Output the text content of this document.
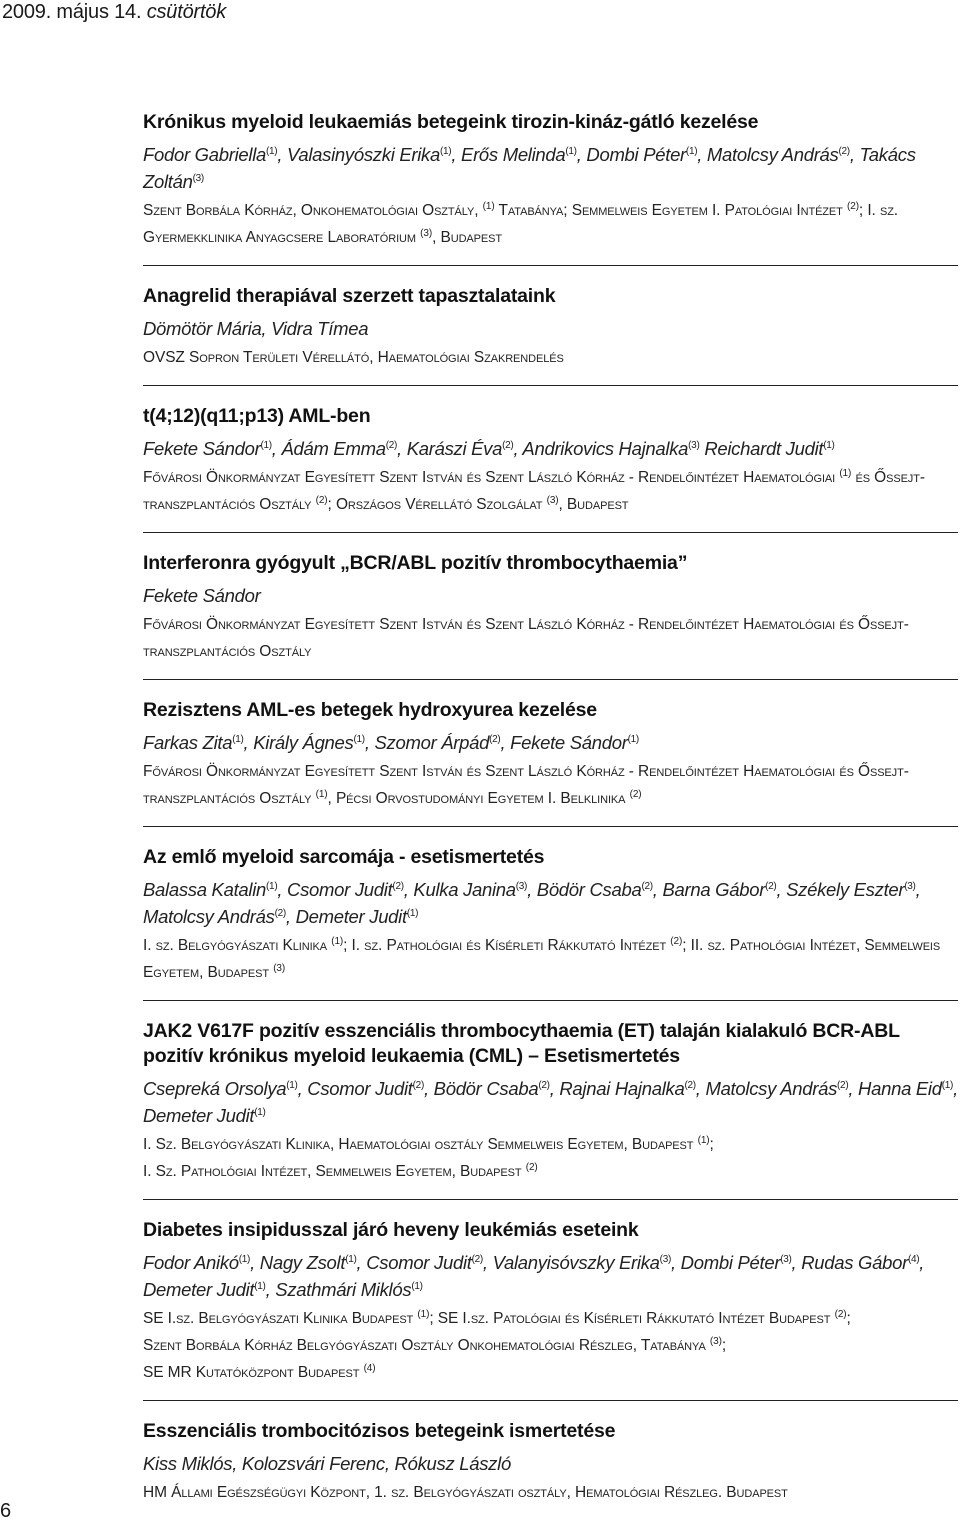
2009. május 14. csütörtök
Krónikus myeloid leukaemiás betegeink tirozin-kináz-gátló kezelése
Fodor Gabriella$^{(1)}$, Valasinyószki Erika$^{(1)}$, Erős Melinda$^{(1)}$, Dombi Péter$^{(1)}$, Matolcsy András$^{(2)}$, Takács Zoltán$^{(3)}$
Szent Borbála Kórház, Onkohematológiai Osztály, $^{(1)}$ Tatabánya; Semmelweis Egyetem I. Patológiai Intézet $^{(2)}$; I. sz. Gyermekklinika Anyagcsere Laboratórium $^{(3)}$, Budapest
Anagrelid therapiával szerzett tapasztalataink
Dömötör Mária, Vidra Tímea
OVSZ Sopron Területi Vérellátó, Haematológiai Szakrendelés
t(4;12)(q11;p13) AML-ben
Fekete Sándor$^{(1)}$, Ádám Emma$^{(2)}$, Karászi Éva$^{(2)}$, Andrikovics Hajnalka$^{(3)}$ Reichardt Judit$^{(1)}$
Fővárosi Önkormányzat Egyesített Szent István és Szent László Kórház - Rendelőintézet Haematológiai $^{(1)}$ és Őssejt-transzplantációs Osztály $^{(2)}$; Országos Vérellátó Szolgálat $^{(3)}$, Budapest
Interferonra gyógyult „BCR/ABL pozitív thrombocythaemia”
Fekete Sándor
Fővárosi Önkormányzat Egyesített Szent István és Szent László Kórház - Rendelőintézet Haematológiai és Őssejt-transzplantációs Osztály
Rezisztens AML-es betegek hydroxyurea kezelése
Farkas Zita$^{(1)}$, Király Ágnes$^{(1)}$, Szomor Árpád$^{(2)}$, Fekete Sándor$^{(1)}$
Fővárosi Önkormányzat Egyesített Szent István és Szent László Kórház - Rendelőintézet Haematológiai és Őssejt-transzplantációs Osztály $^{(1)}$, Pécsi Orvostudományi Egyetem I. Belklinika $^{(2)}$
Az emlő myeloid sarcomája - esetismertetés
Balassa Katalin$^{(1)}$, Csomor Judit$^{(2)}$, Kulka Janina$^{(3)}$, Bödör Csaba$^{(2)}$, Barna Gábor$^{(2)}$, Székely Eszter$^{(3)}$, Matolcsy András$^{(2)}$, Demeter Judit$^{(1)}$
I. sz. Belgyógyászati Klinika $^{(1)}$; I. sz. Pathológiai és Kísérleti Rákkutató Intézet $^{(2)}$; II. sz. Pathológiai Intézet, Semmelweis Egyetem, Budapest $^{(3)}$
JAK2 V617F pozitív esszenciális thrombocythaemia (ET) talaján kialakuló BCR-ABL pozitív krónikus myeloid leukaemia (CML) – Esetismertetés
Csepreká Orsolya$^{(1)}$, Csomor Judit$^{(2)}$, Bödör Csaba$^{(2)}$, Rajnai Hajnalka$^{(2)}$, Matolcsy András$^{(2)}$, Hanna Eid$^{(1)}$, Demeter Judit$^{(1)}$
I. Sz. Belgyógyászati Klinika, Haematológiai osztály Semmelweis Egyetem, Budapest $^{(1)}$;
I. Sz. Pathológiai Intézet, Semmelweis Egyetem, Budapest $^{(2)}$
Diabetes insipidusszal járó heveny leukémiás eseteink
Fodor Anikó$^{(1)}$, Nagy Zsolt$^{(1)}$, Csomor Judit$^{(2)}$, Valanyisóvszky Erika$^{(3)}$, Dombi Péter$^{(3)}$, Rudas Gábor$^{(4)}$, Demeter Judit$^{(1)}$, Szathmári Miklós$^{(1)}$
SE I.sz. Belgyógyászati Klinika Budapest $^{(1)}$; SE I.sz. Patológiai és Kísérleti Rákkutató Intézet Budapest $^{(2)}$;
Szent Borbála Kórház Belgyógyászati Osztály Onkohematológiai Részleg, Tatabánya $^{(3)}$;
SE MR Kutatóközpont Budapest $^{(4)}$
Esszenciális trombocitózisos betegeink ismertetése
Kiss Miklós, Kolozsvári Ferenc, Rókusz László
HM Állami Egészségügyi Központ, 1. sz. Belgyógyászati osztály, Hematológiai Részleg. Budapest
6
